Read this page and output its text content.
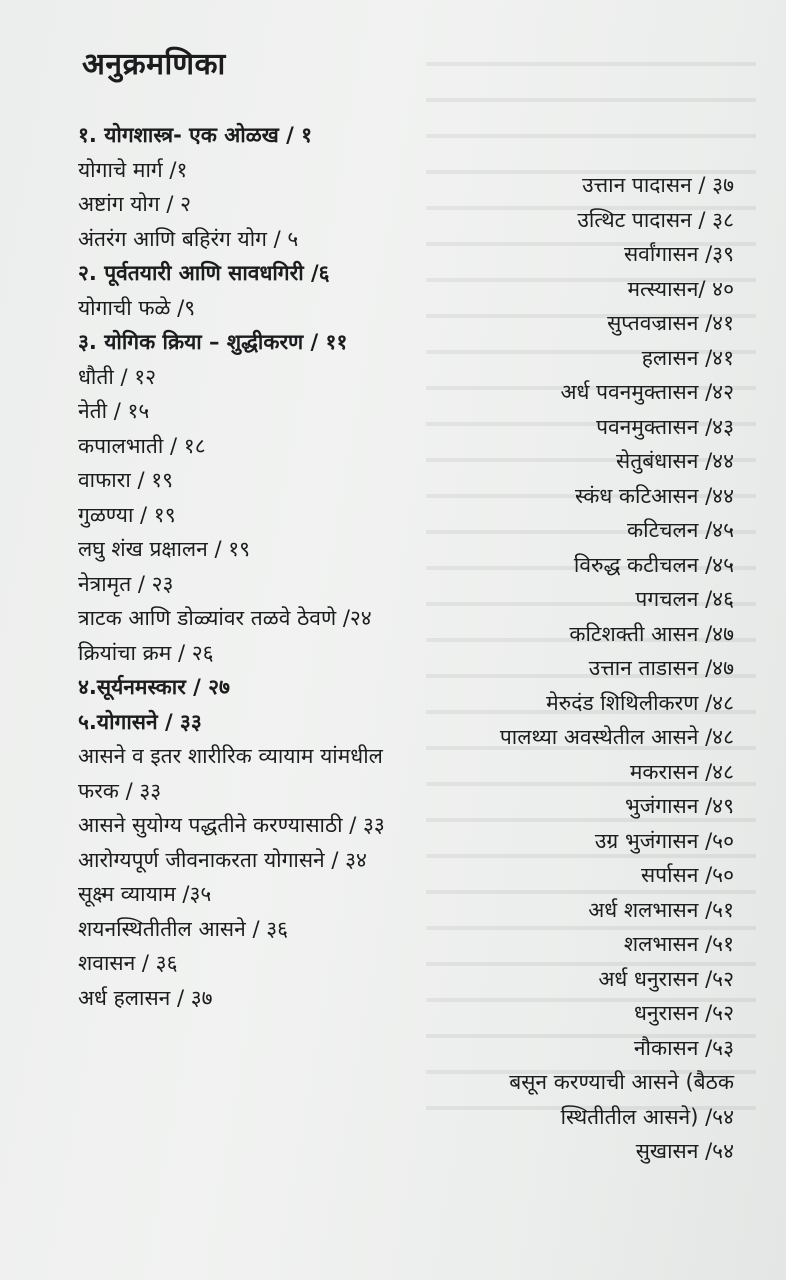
अनुक्रमणिका
१. योगशास्त्र- एक ओळख / १
योगाचे मार्ग /१
अष्टांग योग / २
अंतरंग आणि बहिरंग योग / ५
२. पूर्वतयारी आणि सावधगिरी /६
योगाची फळे /९
३. योगिक क्रिया – शुद्धीकरण / ११
धौती / १२
नेती / १५
कपालभाती / १८
वाफारा / १९
गुळण्या / १९
लघु शंख प्रक्षालन / १९
नेत्रामृत / २३
त्राटक आणि डोळ्यांवर तळवे ठेवणे /२४
क्रियांचा क्रम / २६
४.सूर्यनमस्कार / २७
५.योगासने / ३३
आसने व इतर शारीरिक व्यायाम यांमधील फरक / ३३
आसने सुयोग्य पद्धतीने करण्यासाठी / ३३
आरोग्यपूर्ण जीवनाकरता योगासने / ३४
सूक्ष्म व्यायाम /३५
शयनस्थितीतील आसने / ३६
शवासन / ३६
अर्ध हलासन / ३७
उत्तान पादासन / ३७
उत्थिट पादासन / ३८
सर्वांगासन /३९
मत्स्यासन/ ४०
सुप्तवज्रासन /४१
हलासन /४१
अर्ध पवनमुक्तासन /४२
पवनमुक्तासन /४३
सेतुबंधासन /४४
स्कंध कटिआसन /४४
कटिचलन /४५
विरुद्ध कटीचलन /४५
पगचलन /४६
कटिशक्ती आसन /४७
उत्तान ताडासन /४७
मेरुदंड शिथिलीकरण /४८
पालथ्या अवस्थेतील आसने /४८
मकरासन /४८
भुजंगासन /४९
उग्र भुजंगासन /५०
सर्पासन /५०
अर्ध शलभासन /५१
शलभासन /५१
अर्ध धनुरासन /५२
धनुरासन /५२
नौकासन /५३
बसून करण्याची आसने (बैठक स्थितीतील आसने) /५४
सुखासन /५४
